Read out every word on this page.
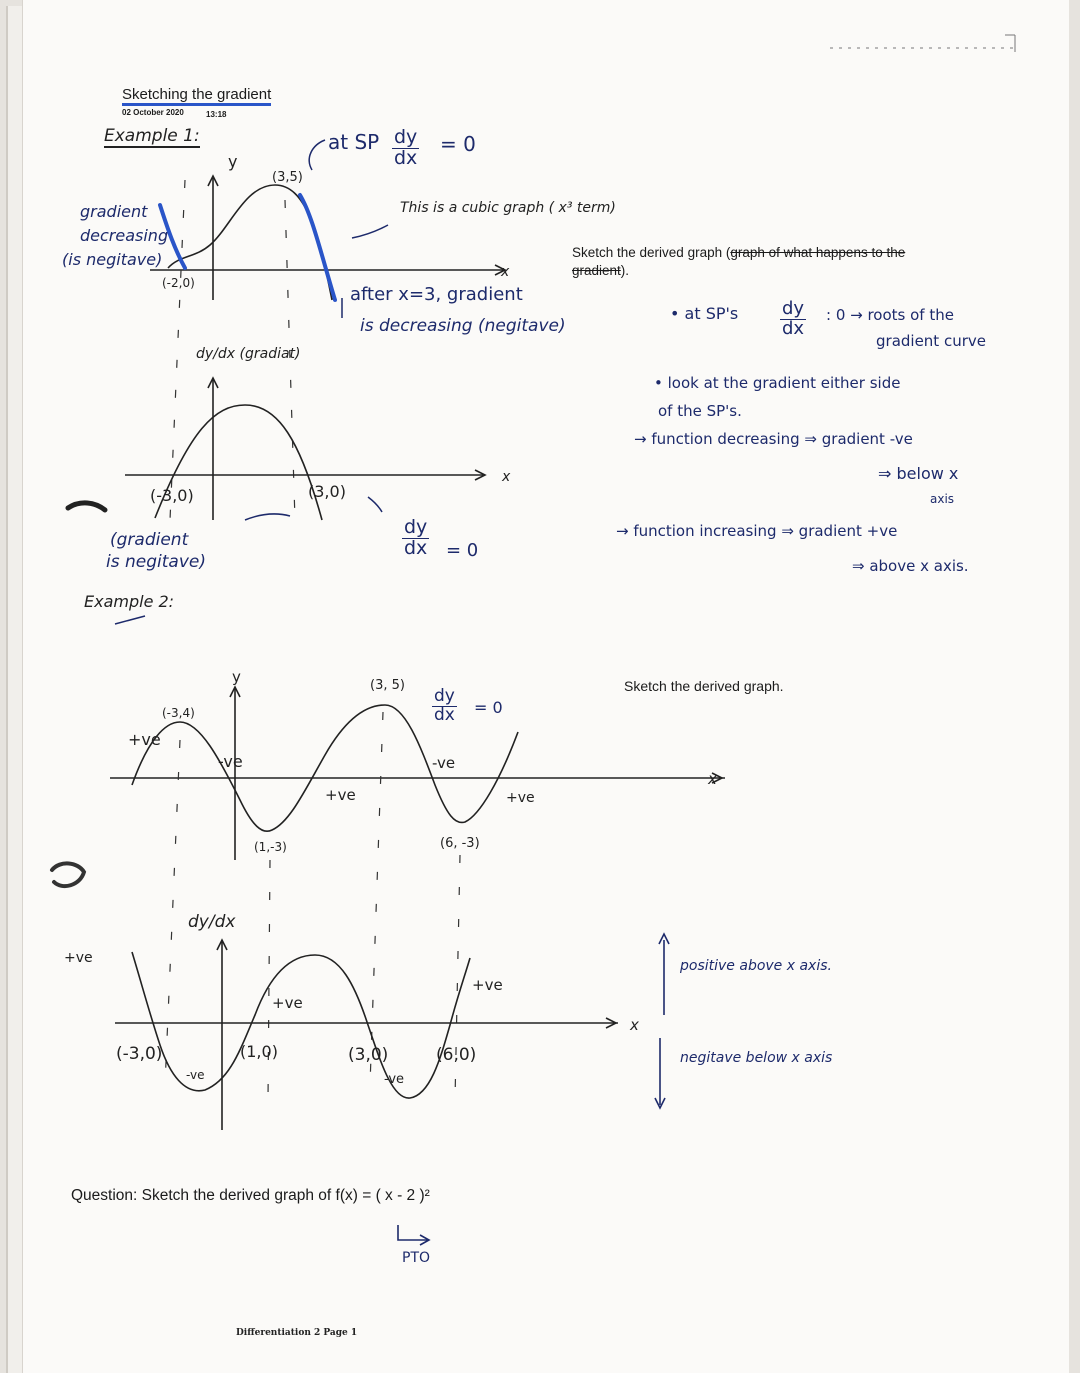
Sketching the gradient
02 October 2020	13:18
Example 1:
y
x
(3,5)
(-2,0)
gradient
decreasing
(is negitave)
at SP $\frac{dy}{dx} = 0$
This is a cubic graph ( x³ term)
after x=3, gradient
is decreasing (negitave)
dy/dx (gradiat)
x
(-3,0)	(3,0)
$\frac{dy}{dx} = 0$
(gradient
is negitave)
Sketch the derived graph (graph of what happens to the gradient).
• at $SP's \frac{dy}{dx}$ : 0 → roots of the
gradient curve
• look at the gradient either side
of the SP's.
→ function decreasing ⇒ gradient -ve
⇒ below x
axis
→ function increasing ⇒ gradient +ve
⇒ above x axis.
Example 2:
Sketch the derived graph.
y
x
(-3,4)
(3, 5)
(1,-3)	(6, -3)
$\frac{dy}{dx} = 0$
+ve
-ve
+ve
-ve
+ve
dy/dx
x
+ve
+ve
+ve
-ve	-ve
(-3,0)	(1,0)	(3,0)	(6,0)
positive above x axis.
negitave below x axis
Question: Sketch the derived graph of f(x) = ( x - 2 )²
PTO
Differentiation 2 Page 1
